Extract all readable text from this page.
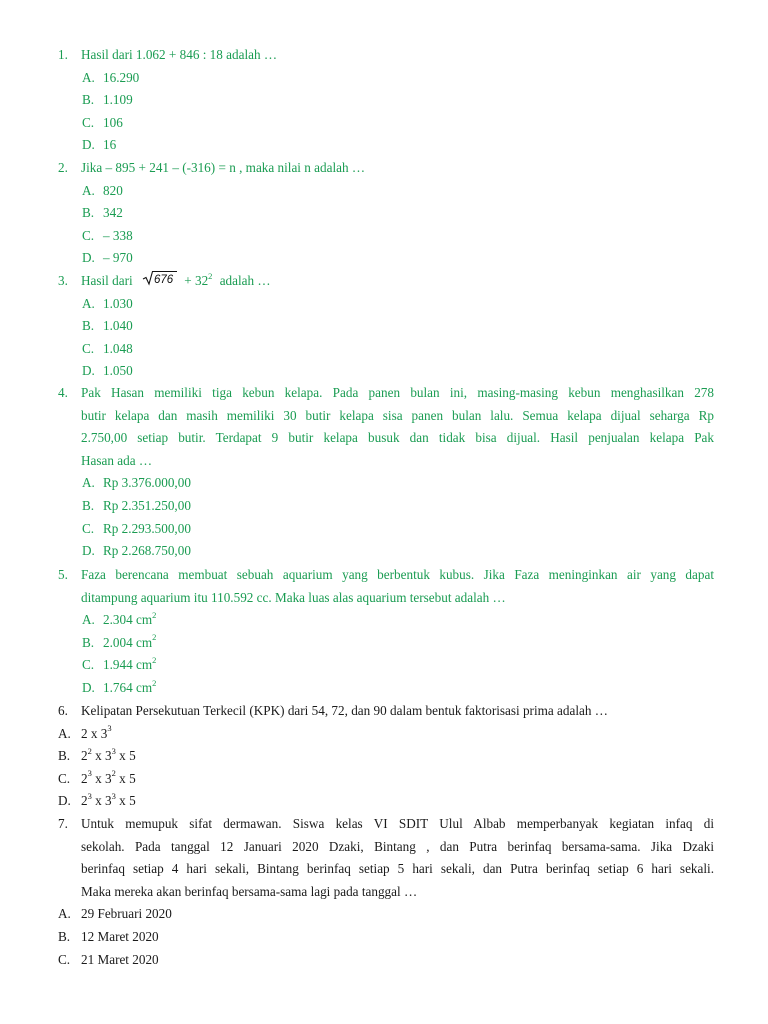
1. Hasil dari 1.062 + 846 : 18 adalah …
A. 16.290
B. 1.109
C. 106
D. 16
2. Jika – 895 + 241 – (-316) = n , maka nilai n adalah …
A. 820
B. 342
C. – 338
D. – 970
3. Hasil dari $676 + 32^2$ adalah …
A. 1.030
B. 1.040
C. 1.048
D. 1.050
4. Pak Hasan memiliki tiga kebun kelapa. Pada panen bulan ini, masing-masing kebun menghasilkan 278
butir kelapa dan masih memiliki 30 butir kelapa sisa panen bulan lalu. Semua kelapa dijual seharga Rp
2.750,00 setiap butir. Terdapat 9 butir kelapa busuk dan tidak bisa dijual. Hasil penjualan kelapa Pak
Hasan ada …
A. Rp 3.376.000,00
B. Rp 2.351.250,00
C. Rp 2.293.500,00
D. Rp 2.268.750,00
5. Faza berencana membuat sebuah aquarium yang berbentuk kubus. Jika Faza meninginkan air yang dapat
ditampung aquarium itu 110.592 cc. Maka luas alas aquarium tersebut adalah …
A. 2.304 $cm^2$
B. 2.004 $cm^2$
C. 1.944 $cm^2$
D. 1.764 $cm^2$
6. Kelipatan Persekutuan Terkecil (KPK) dari 54, 72, dan 90 dalam bentuk faktorisasi prima adalah …
A. 2 x $3^3$
B. $2^2$ x $3^3$ x 5
C. $2^3$ x $3^2$ x 5
D. $2^3$ x $3^3$ x 5
7. Untuk memupuk sifat dermawan. Siswa kelas VI SDIT Ulul Albab memperbanyak kegiatan infaq di
sekolah. Pada tanggal 12 Januari 2020 Dzaki, Bintang , dan Putra berinfaq bersama-sama. Jika Dzaki
berinfaq setiap 4 hari sekali, Bintang berinfaq setiap 5 hari sekali, dan Putra berinfaq setiap 6 hari sekali.
Maka mereka akan berinfaq bersama-sama lagi pada tanggal …
A. 29 Februari 2020
B. 12 Maret 2020
C. 21 Maret 2020
